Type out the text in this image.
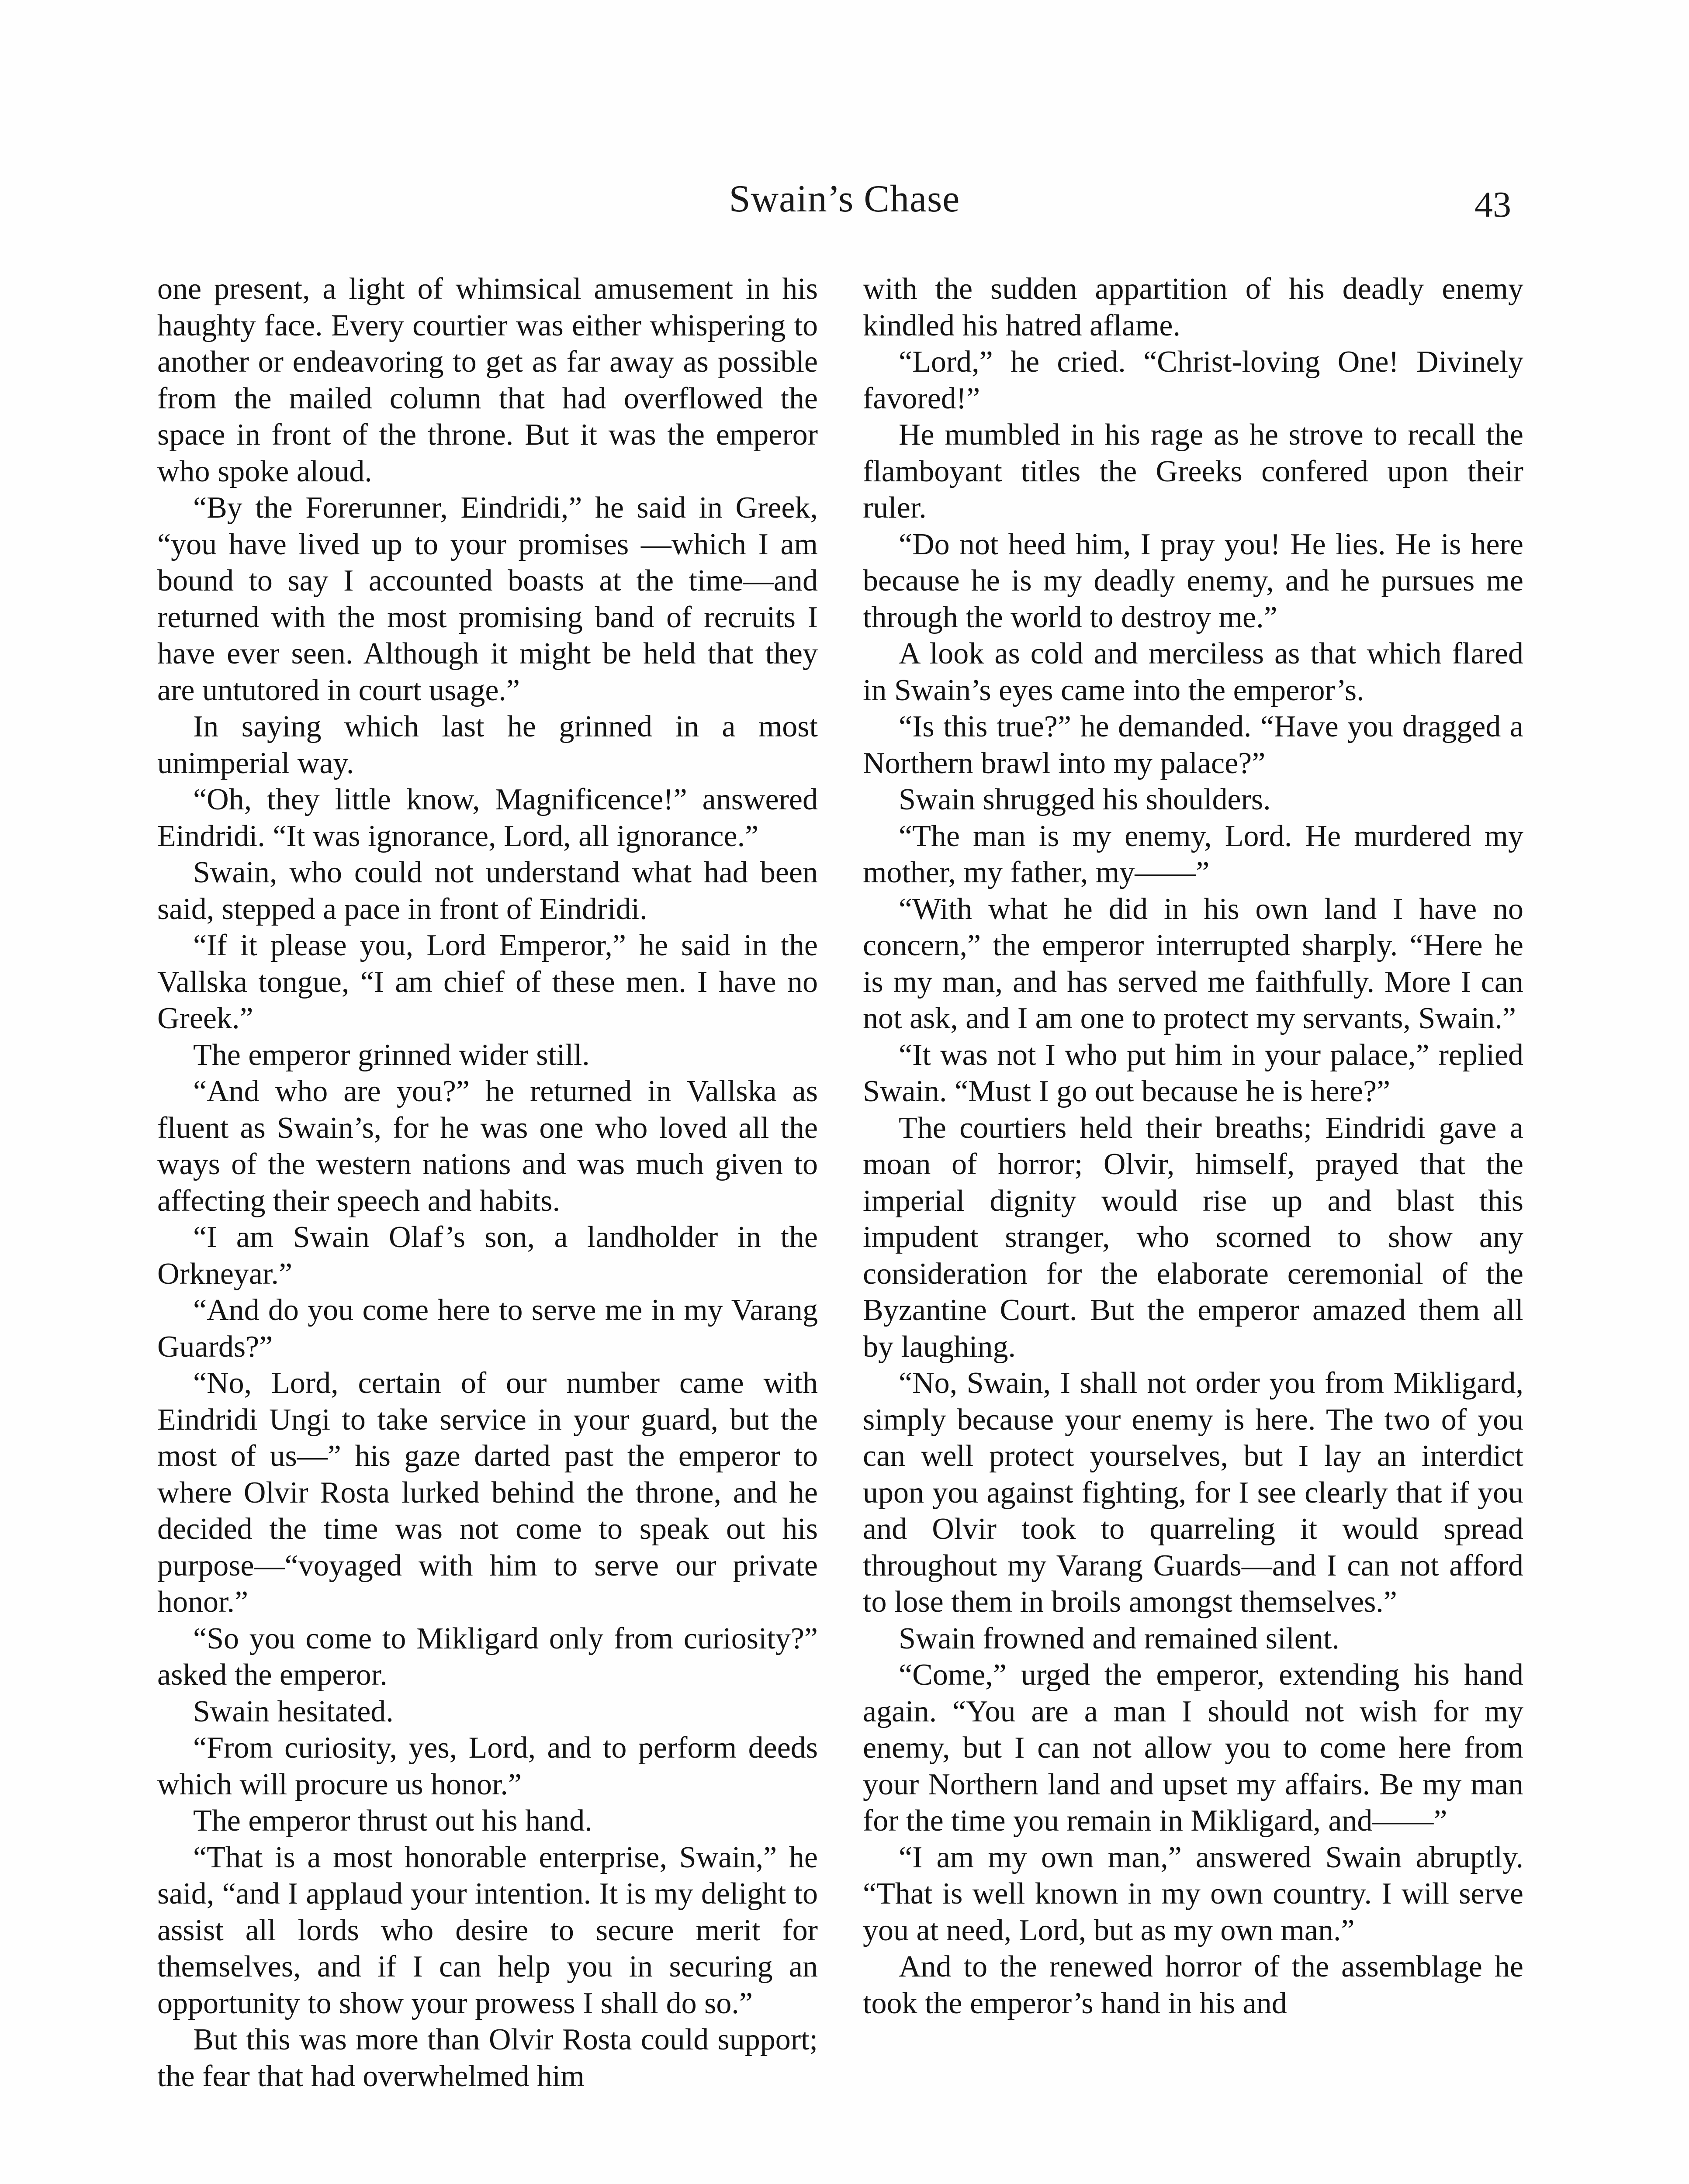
Swain’s Chase	43

one present, a light of whimsical amusement in his haughty face. Every courtier was either whispering to another or endeavoring to get as far away as possible from the mailed column that had overflowed the space in front of the throne. But it was the emperor who spoke aloud.

“By the Forerunner, Eindridi,” he said in Greek, “you have lived up to your promises —which I am bound to say I accounted boasts at the time—and returned with the most promising band of recruits I have ever seen. Although it might be held that they are untutored in court usage.”

In saying which last he grinned in a most unimperial way.

“Oh, they little know, Magnificence!” answered Eindridi. “It was ignorance, Lord, all ignorance.”

Swain, who could not understand what had been said, stepped a pace in front of Eindridi.

“If it please you, Lord Emperor,” he said in the Vallska tongue, “I am chief of these men. I have no Greek.”

The emperor grinned wider still.

“And who are you?” he returned in Vallska as fluent as Swain’s, for he was one who loved all the ways of the western nations and was much given to affecting their speech and habits.

“I am Swain Olaf’s son, a landholder in the Orkneyar.”

“And do you come here to serve me in my Varang Guards?”

“No, Lord, certain of our number came with Eindridi Ungi to take service in your guard, but the most of us—” his gaze darted past the emperor to where Olvir Rosta lurked behind the throne, and he decided the time was not come to speak out his purpose—“voyaged with him to serve our private honor.”

“So you come to Mikligard only from curiosity?” asked the emperor.

Swain hesitated.

“From curiosity, yes, Lord, and to perform deeds which will procure us honor.”

The emperor thrust out his hand.

“That is a most honorable enterprise, Swain,” he said, “and I applaud your intention. It is my delight to assist all lords who desire to secure merit for themselves, and if I can help you in securing an opportunity to show your prowess I shall do so.”

But this was more than Olvir Rosta could support; the fear that had overwhelmed him

with the sudden appartition of his deadly enemy kindled his hatred aflame.

“Lord,” he cried. “Christ-loving One! Divinely favored!”

He mumbled in his rage as he strove to recall the flamboyant titles the Greeks confered upon their ruler.

“Do not heed him, I pray you! He lies. He is here because he is my deadly enemy, and he pursues me through the world to destroy me.”

A look as cold and merciless as that which flared in Swain’s eyes came into the emperor’s.

“Is this true?” he demanded. “Have you dragged a Northern brawl into my palace?”

Swain shrugged his shoulders.

“The man is my enemy, Lord. He murdered my mother, my father, my——”

“With what he did in his own land I have no concern,” the emperor interrupted sharply. “Here he is my man, and has served me faithfully. More I can not ask, and I am one to protect my servants, Swain.”

“It was not I who put him in your palace,” replied Swain. “Must I go out because he is here?”

The courtiers held their breaths; Eindridi gave a moan of horror; Olvir, himself, prayed that the imperial dignity would rise up and blast this impudent stranger, who scorned to show any consideration for the elaborate ceremonial of the Byzantine Court. But the emperor amazed them all by laughing.

“No, Swain, I shall not order you from Mikligard, simply because your enemy is here. The two of you can well protect yourselves, but I lay an interdict upon you against fighting, for I see clearly that if you and Olvir took to quarreling it would spread throughout my Varang Guards—and I can not afford to lose them in broils amongst themselves.”

Swain frowned and remained silent.

“Come,” urged the emperor, extending his hand again. “You are a man I should not wish for my enemy, but I can not allow you to come here from your Northern land and upset my affairs. Be my man for the time you remain in Mikligard, and——”

“I am my own man,” answered Swain abruptly. “That is well known in my own country. I will serve you at need, Lord, but as my own man.”

And to the renewed horror of the assemblage he took the emperor’s hand in his and
